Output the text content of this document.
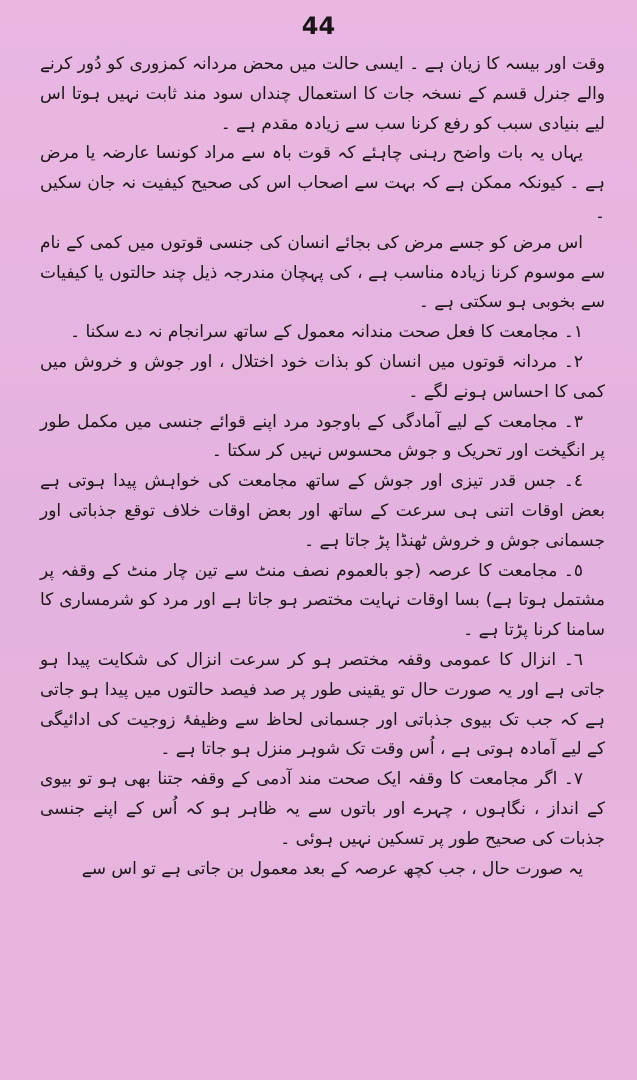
44

وقت اور بیسہ کا زیان ہے ۔ ایسی حالت میں محض مردانہ کمزوری کو دُور کرنے والے جنرل قسم کے نسخہ جات کا استعمال چنداں سود مند ثابت نہیں ہوتا اس لیے بنیادی سبب کو رفع کرنا سب سے زیادہ مقدم ہے ۔

یہاں یہ بات واضح رہنی چاہئے کہ قوت باہ سے مراد کونسا عارضہ یا مرض ہے ۔ کیونکہ ممکن ہے کہ بہت سے اصحاب اس کی صحیح کیفیت نہ جان سکیں ۔

اس مرض کو جسے مرض کی بجائے انسان کی جنسی قوتوں میں کمی کے نام سے موسوم کرنا زیادہ مناسب ہے ، کی پہچان مندرجہ ذیل چند حالتوں یا کیفیات سے بخوبی ہو سکتی ہے ۔

١۔ مجامعت کا فعل صحت مندانہ معمول کے ساتھ سرانجام نہ دے سکنا ۔

٢۔ مردانہ قوتوں میں انسان کو بذات خود اختلال ، اور جوش و خروش میں کمی کا احساس ہونے لگے ۔

٣۔ مجامعت کے لیے آمادگی کے باوجود مرد اپنے قوائے جنسی میں مکمل طور پر انگیخت اور تحریک و جوش محسوس نہیں کر سکتا ۔

٤۔ جس قدر تیزی اور جوش کے ساتھ مجامعت کی خواہش پیدا ہوتی ہے بعض اوقات اتنی ہی سرعت کے ساتھ اور بعض اوقات خلاف توقع جذباتی اور جسمانی جوش و خروش ٹھنڈا پڑ جاتا ہے ۔

٥۔ مجامعت کا عرصہ (جو بالعموم نصف منٹ سے تین چار منٹ کے وقفہ پر مشتمل ہوتا ہے) بسا اوقات نہایت مختصر ہو جاتا ہے اور مرد کو شرمساری کا سامنا کرنا پڑتا ہے ۔

٦۔ انزال کا عمومی وقفہ مختصر ہو کر سرعت انزال کی شکایت پیدا ہو جاتی ہے اور یہ صورت حال تو یقینی طور پر صد فیصد حالتوں میں پیدا ہو جاتی ہے کہ جب تک بیوی جذباتی اور جسمانی لحاظ سے وظیفۂ زوجیت کی ادائیگی کے لیے آمادہ ہوتی ہے ، اُس وقت تک شوہر منزل ہو جاتا ہے ۔

٧۔ اگر مجامعت کا وقفہ ایک صحت مند آدمی کے وقفہ جتنا بھی ہو تو بیوی کے انداز ، نگاہوں ، چہرے اور باتوں سے یہ ظاہر ہو کہ اُس کے اپنے جنسی جذبات کی صحیح طور پر تسکین نہیں ہوئی ۔

یہ صورت حال ، جب کچھ عرصہ کے بعد معمول بن جاتی ہے تو اس سے
